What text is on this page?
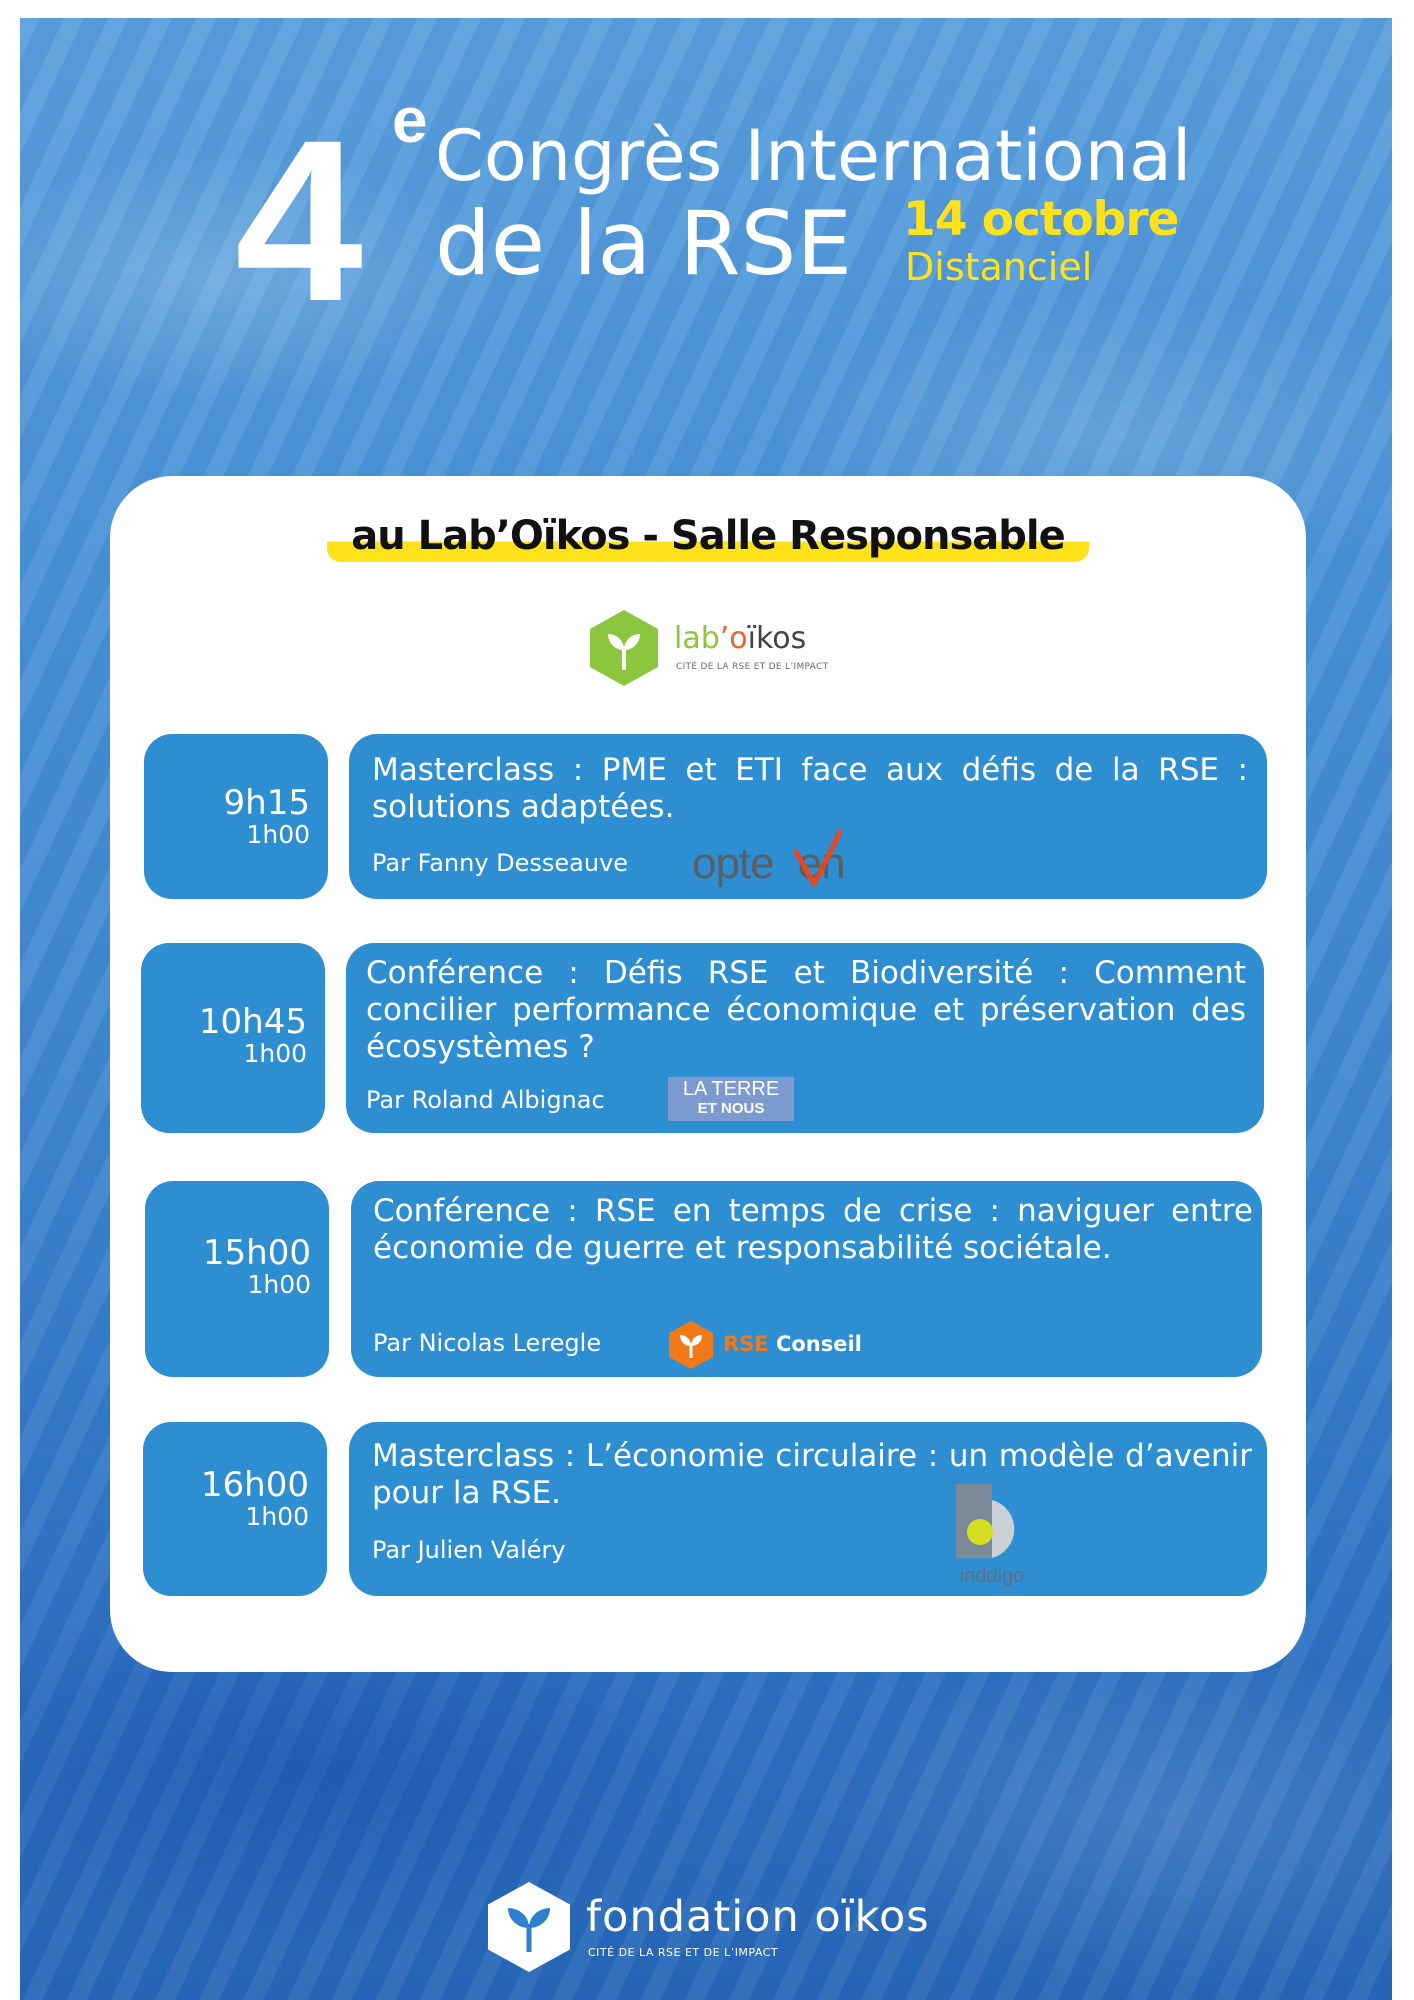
4 e Congrès International
de la RSE 14 octobre
Distanciel
au Lab’Oïkos - Salle Responsable
lab’oïkos
CITÉ DE LA RSE ET DE L’IMPACT
9h15
1h00
Masterclass : PME et ETI face aux défis de la RSE : solutions adaptées.
Par Fanny Desseauve opte en
10h45
1h00
Conférence : Défis RSE et Biodiversité : Comment concilier performance économique et préservation des écosystèmes ?
Par Roland Albignac	LA TERRE
ET NOUS
15h00
1h00
Conférence : RSE en temps de crise : naviguer entre économie de guerre et responsabilité sociétale.
Par Nicolas Leregle	RSE Conseil
16h00
1h00
Masterclass : L’économie circulaire : un modèle d’avenir pour la RSE.
Par Julien Valéry
inddigo
fondation oïkos
CITÉ DE LA RSE ET DE L’IMPACT
